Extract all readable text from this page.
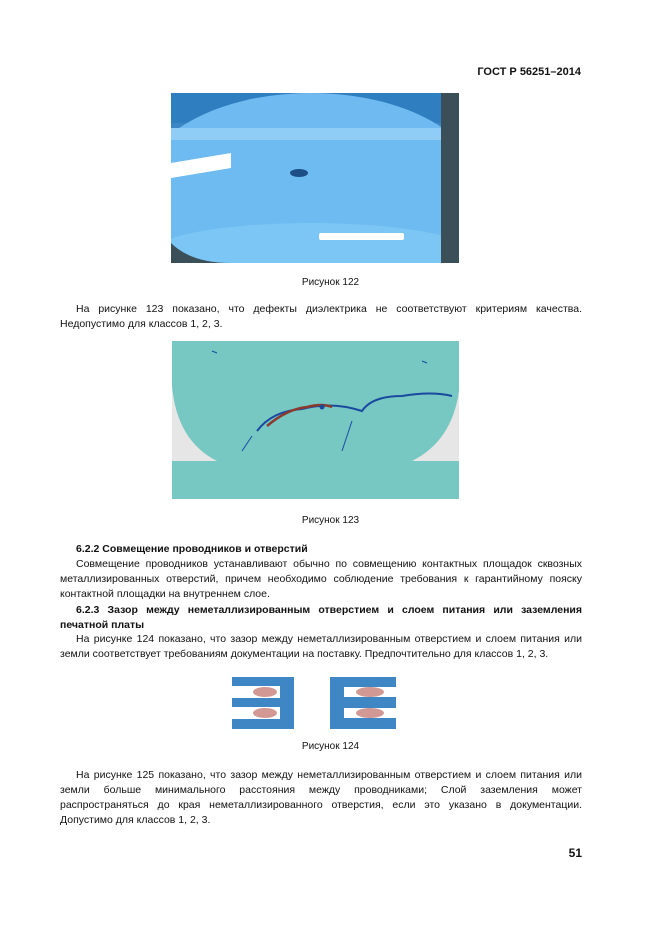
ГОСТ Р 56251–2014
Рисунок 122
На рисунке 123 показано, что дефекты диэлектрика не соответствуют критериям качества. Недопустимо для классов 1, 2, 3.
Рисунок 123
6.2.2 Совмещение проводников и отверстий
Совмещение проводников устанавливают обычно по совмещению контактных площадок сквозных металлизированных отверстий, причем необходимо соблюдение требования к гарантийному пояску контактной площадки на внутреннем слое.
6.2.3 Зазор между неметаллизированным отверстием и слоем питания или заземления печатной платы
На рисунке 124 показано, что зазор между неметаллизированным отверстием и слоем питания или земли соответствует требованиям документации на поставку. Предпочтительно для классов 1, 2, 3.
Рисунок 124
На рисунке 125 показано, что зазор между неметаллизированным отверстием и слоем питания или земли больше минимального расстояния между проводниками; Слой заземления может распространяться до края неметаллизированного отверстия, если это указано в документации. Допустимо для классов 1, 2, 3.
51
